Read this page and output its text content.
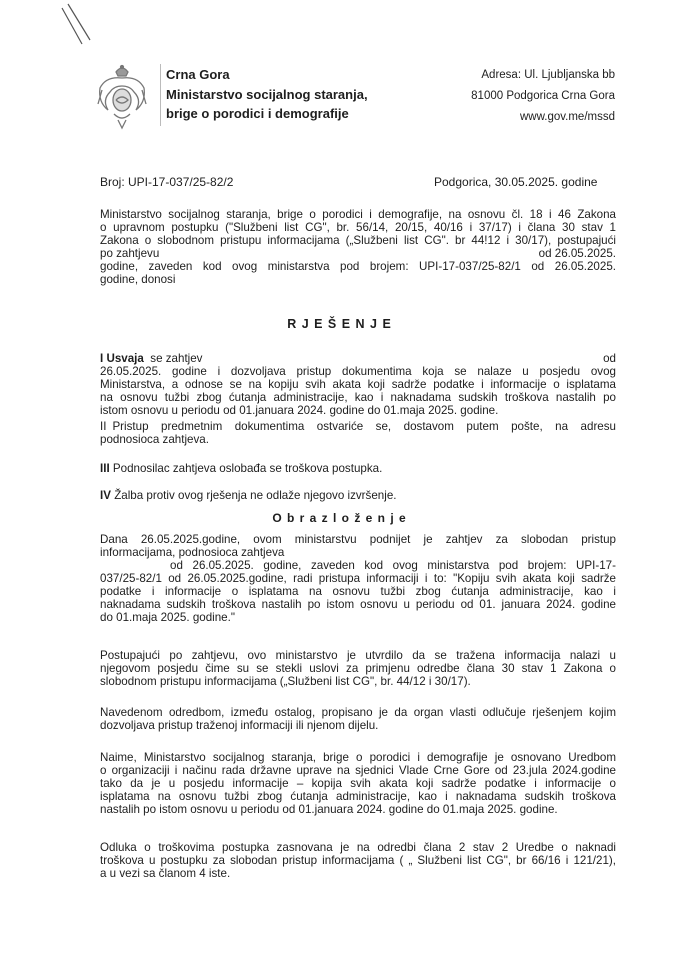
Crna Gora
Ministarstvo socijalnog staranja,
brige o porodici i demografije
Adresa: Ul. Ljubljanska bb
81000 Podgorica Crna Gora
www.gov.me/mssd
Broj: UPI-17-037/25-82/2	Podgorica, 30.05.2025. godine
Ministarstvo socijalnog staranja, brige o porodici i demografije, na osnovu čl. 18 i 46 Zakona
o upravnom postupku ("Službeni list CG", br. 56/14, 20/15, 40/16 i 37/17) i člana 30 stav 1
Zakona o slobodnom pristupu informacijama („Službeni list CG". br 44!12 i 30/17), postupajući
po zahtjevu	od 26.05.2025.
godine, zaveden kod ovog ministarstva pod brojem: UPI-17-037/25-82/1 od 26.05.2025.
godine, donosi
R J E Š E N J E
I Usvaja se zahtjev	od
26.05.2025. godine i dozvoljava pristup dokumentima koja se nalaze u posjedu ovog
Ministarstva, a odnose se na kopiju svih akata koji sadrže podatke i informacije o isplatama
na osnovu tužbi zbog ćutanja administracije, kao i naknadama sudskih troškova nastalih po
istom osnovu u periodu od 01.januara 2024. godine do 01.maja 2025. godine.
II Pristup predmetnim dokumentima ostvariće se, dostavom putem pošte, na adresu
podnosioca zahtjeva.
III Podnosilac zahtjeva oslobađa se troškova postupka.
IV Žalba protiv ovog rješenja ne odlaže njegovo izvršenje.
O b r a z l o ž e n j e
Dana 26.05.2025.godine, ovom ministarstvu podnijet je zahtjev za slobodan pristup
informacijama, podnosioca zahtjeva
od 26.05.2025. godine, zaveden kod ovog ministarstva pod brojem: UPI-17-
037/25-82/1 od 26.05.2025.godine, radi pristupa informaciji i to: "Kopiju svih akata koji sadrže
podatke i informacije o isplatama na osnovu tužbi zbog ćutanja administracije, kao i
naknadama sudskih troškova nastalih po istom osnovu u periodu od 01. januara 2024. godine
do 01.maja 2025. godine."
Postupajući po zahtjevu, ovo ministarstvo je utvrdilo da se tražena informacija nalazi u
njegovom posjedu čime su se stekli uslovi za primjenu odredbe člana 30 stav 1 Zakona o
slobodnom pristupu informacijama („Službeni list CG", br. 44/12 i 30/17).
Navedenom odredbom, između ostalog, propisano je da organ vlasti odlučuje rješenjem kojim
dozvoljava pristup traženoj informaciji ili njenom dijelu.
Naime, Ministarstvo socijalnog staranja, brige o porodici i demografije je osnovano Uredbom
o organizaciji i načinu rada državne uprave na sjednici Vlade Crne Gore od 23.jula 2024.godine
tako da je u posjedu informacije – kopija svih akata koji sadrže podatke i informacije o
isplatama na osnovu tužbi zbog ćutanja administracije, kao i naknadama sudskih troškova
nastalih po istom osnovu u periodu od 01.januara 2024. godine do 01.maja 2025. godine.
Odluka o troškovima postupka zasnovana je na odredbi člana 2 stav 2 Uredbe o naknadi
troškova u postupku za slobodan pristup informacijama ( „ Službeni list CG", br 66/16 i 121/21),
a u vezi sa članom 4 iste.
